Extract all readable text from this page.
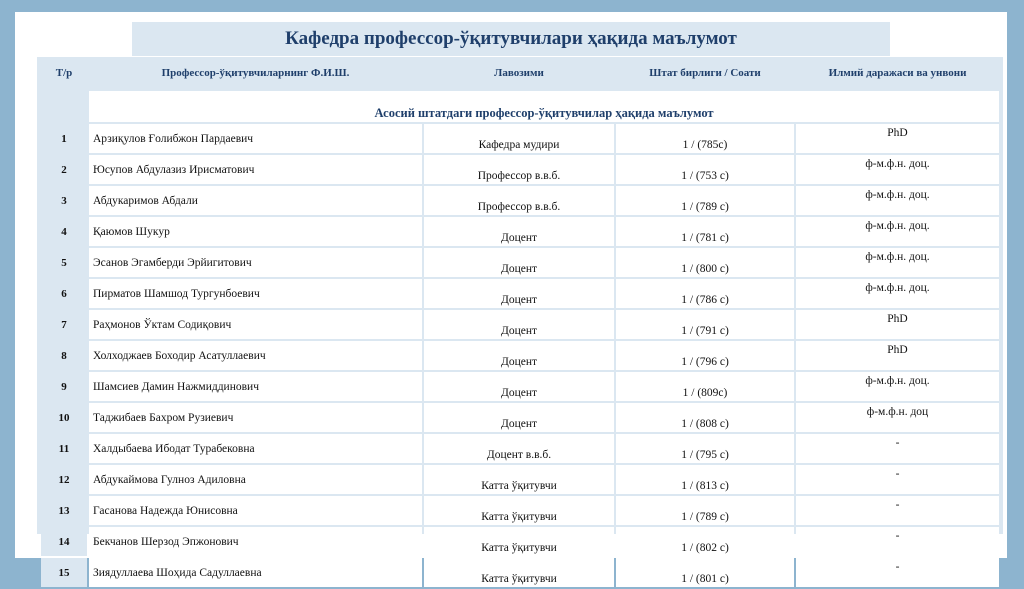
Кафедра профессор-ўқитувчилари ҳақида маълумот
Т/р	Профессор-ўқитувчиларнинг Ф.И.Ш.	Лавозими	Штат бирлиги / Соати	Илмий даражаси ва унвони

	Асосий штатдаги профессор-ўқитувчилар ҳақида маълумот			
1	Арзиқулов Ғолибжон Пардаевич	Кафедра мудири	1 / (785с)	PhD
2	Юсупов Абдулазиз Ирисматович	Профессор в.в.б.	1 / (753 с)	ф-м.ф.н. доц.
3	Абдукаримов Абдали	Профессор в.в.б.	1 / (789 с)	ф-м.ф.н. доц.
4	Қаюмов Шукур	Доцент	1 / (781 с)	ф-м.ф.н. доц.
5	Эсанов Эгамберди Эрйигитович	Доцент	1 / (800 с)	ф-м.ф.н. доц.
6	Пирматов Шамшод Тургунбоевич	Доцент	1 / (786 с)	ф-м.ф.н. доц.
7	Раҳмонов Ўктам Содиқович	Доцент	1 / (791 с)	PhD
8	Холходжаев Боходир Асатуллаевич	Доцент	1 / (796 с)	PhD
9	Шамсиев Дамин Нажмиддинович	Доцент	1 / (809с)	ф-м.ф.н. доц.
10	Таджибаев Бахром Рузиевич	Доцент	1 / (808 с)	ф-м.ф.н. доц
11	Халдыбаева Ибодат Турабековна	Доцент в.в.б.	1 / (795 с)	-
12	Абдукаймова Гулноз Адиловна	Катта ўқитувчи	1 / (813 с)	-
13	Гасанова Надежда Юнисовна	Катта ўқитувчи	1 / (789 с)	-
14	Бекчанов Шерзод Эпжонович	Катта ўқитувчи	1 / (802 с)	-
15	Зиядуллаева Шоҳида Садуллаевна	Катта ўқитувчи	1 / (801 с)	-
